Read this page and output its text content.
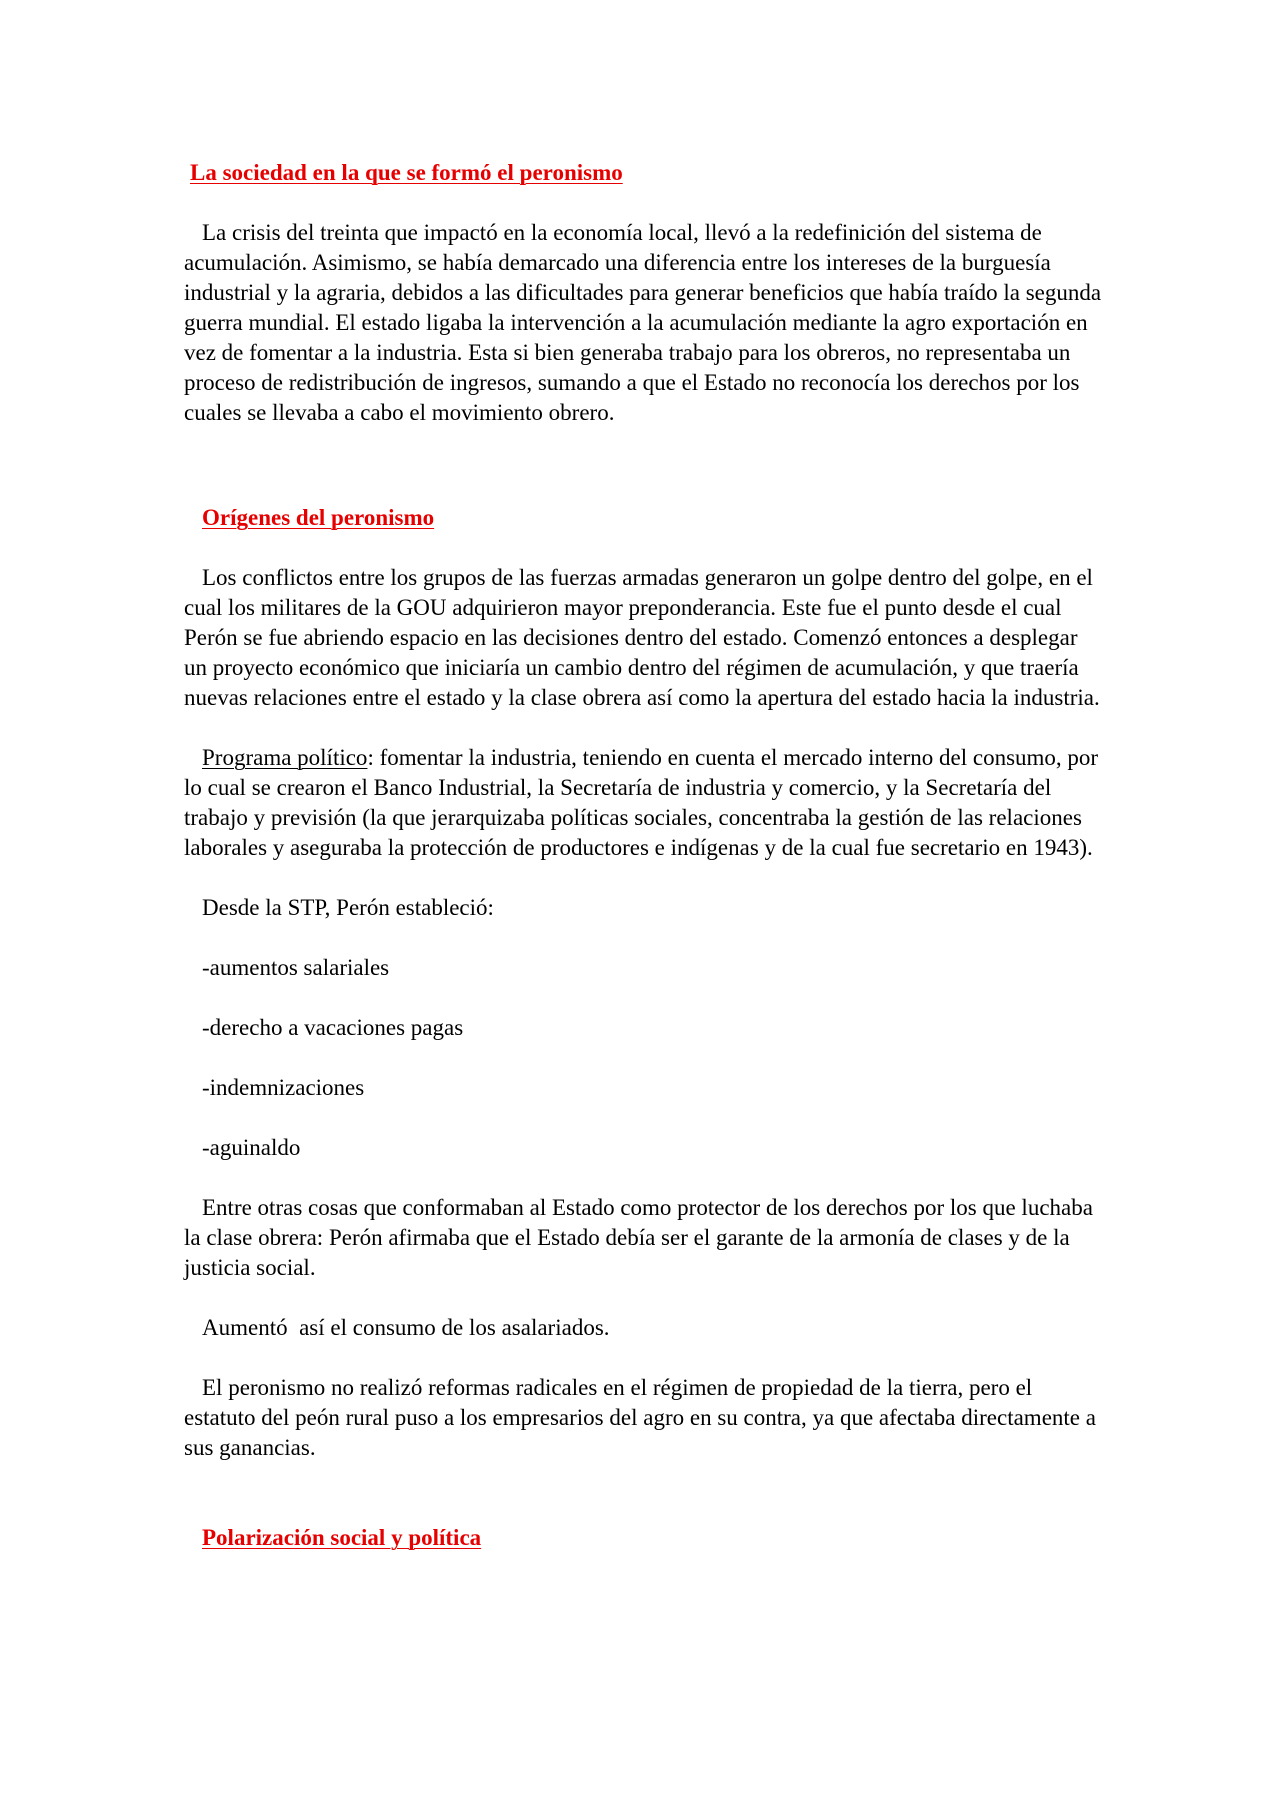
La sociedad en la que se formó el peronismo

La crisis del treinta que impactó en la economía local, llevó a la redefinición del sistema de acumulación. Asimismo, se había demarcado una diferencia entre los intereses de la burguesía industrial y la agraria, debidos a las dificultades para generar beneficios que había traído la segunda guerra mundial. El estado ligaba la intervención a la acumulación mediante la agro exportación en vez de fomentar a la industria. Esta si bien generaba trabajo para los obreros, no representaba un proceso de redistribución de ingresos, sumando a que el Estado no reconocía los derechos por los cuales se llevaba a cabo el movimiento obrero.

Orígenes del peronismo

Los conflictos entre los grupos de las fuerzas armadas generaron un golpe dentro del golpe, en el cual los militares de la GOU adquirieron mayor preponderancia. Este fue el punto desde el cual Perón se fue abriendo espacio en las decisiones dentro del estado. Comenzó entonces a desplegar un proyecto económico que iniciaría un cambio dentro del régimen de acumulación, y que traería nuevas relaciones entre el estado y la clase obrera así como la apertura del estado hacia la industria.

Programa político: fomentar la industria, teniendo en cuenta el mercado interno del consumo, por lo cual se crearon el Banco Industrial, la Secretaría de industria y comercio, y la Secretaría del trabajo y previsión (la que jerarquizaba políticas sociales, concentraba la gestión de las relaciones laborales y aseguraba la protección de productores e indígenas y de la cual fue secretario en 1943).

Desde la STP, Perón estableció:

-aumentos salariales

-derecho a vacaciones pagas

-indemnizaciones

-aguinaldo

Entre otras cosas que conformaban al Estado como protector de los derechos por los que luchaba la clase obrera: Perón afirmaba que el Estado debía ser el garante de la armonía de clases y de la justicia social.

Aumentó  así el consumo de los asalariados.

El peronismo no realizó reformas radicales en el régimen de propiedad de la tierra, pero el estatuto del peón rural puso a los empresarios del agro en su contra, ya que afectaba directamente a sus ganancias.

Polarización social y política
